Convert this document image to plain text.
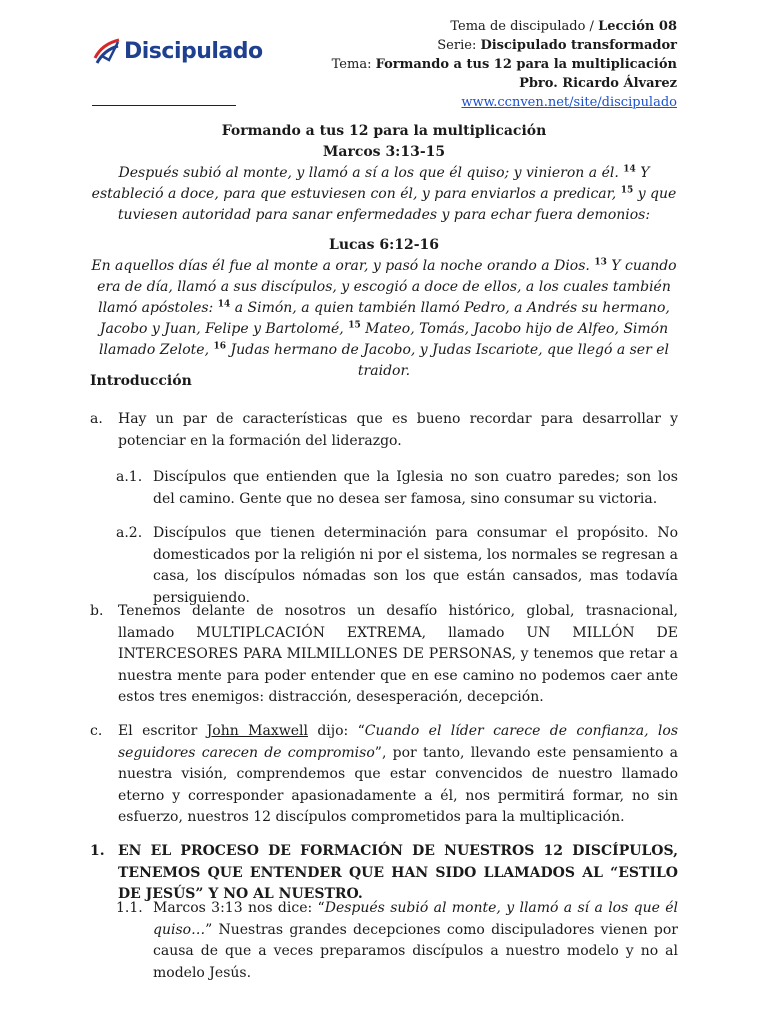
Discipulado
Tema de discipulado / Lección 08
Serie: Discipulado transformador
Tema: Formando a tus 12 para la multiplicación
Pbro. Ricardo Álvarez
www.ccnven.net/site/discipulado
Formando a tus 12 para la multiplicación
Marcos 3:13-15
Después subió al monte, y llamó a sí a los que él quiso; y vinieron a él. $^{14}$ Y estableció a doce, para que estuviesen con él, y para enviarlos a predicar, $^{15}$ y que tuviesen autoridad para sanar enfermedades y para echar fuera demonios:
Lucas 6:12-16
En aquellos días él fue al monte a orar, y pasó la noche orando a Dios. $^{13}$ Y cuando era de día, llamó a sus discípulos, y escogió a doce de ellos, a los cuales también llamó apóstoles: $^{14}$ a Simón, a quien también llamó Pedro, a Andrés su hermano, Jacobo y Juan, Felipe y Bartolomé, $^{15}$ Mateo, Tomás, Jacobo hijo de Alfeo, Simón llamado Zelote, $^{16}$ Judas hermano de Jacobo, y Judas Iscariote, que llegó a ser el traidor.
Introducción
a. Hay un par de características que es bueno recordar para desarrollar y potenciar en la formación del liderazgo.
a.1. Discípulos que entienden que la Iglesia no son cuatro paredes; son los del camino. Gente que no desea ser famosa, sino consumar su victoria.
a.2. Discípulos que tienen determinación para consumar el propósito. No domesticados por la religión ni por el sistema, los normales se regresan a casa, los discípulos nómadas son los que están cansados, mas todavía persiguiendo.
b. Tenemos delante de nosotros un desafío histórico, global, trasnacional, llamado MULTIPLCACIÓN EXTREMA, llamado UN MILLÓN DE INTERCESORES PARA MILMILLONES DE PERSONAS, y tenemos que retar a nuestra mente para poder entender que en ese camino no podemos caer ante estos tres enemigos: distracción, desesperación, decepción.
c. El escritor John Maxwell dijo: “Cuando el líder carece de confianza, los seguidores carecen de compromiso”, por tanto, llevando este pensamiento a nuestra visión, comprendemos que estar convencidos de nuestro llamado eterno y corresponder apasionadamente a él, nos permitirá formar, no sin esfuerzo, nuestros 12 discípulos comprometidos para la multiplicación.
1. EN EL PROCESO DE FORMACIÓN DE NUESTROS 12 DISCÍPULOS, TENEMOS QUE ENTENDER QUE HAN SIDO LLAMADOS AL “ESTILO DE JESÚS” Y NO AL NUESTRO.
1.1. Marcos 3:13 nos dice: “Después subió al monte, y llamó a sí a los que él quiso…” Nuestras grandes decepciones como discipuladores vienen por causa de que a veces preparamos discípulos a nuestro modelo y no al modelo Jesús.
